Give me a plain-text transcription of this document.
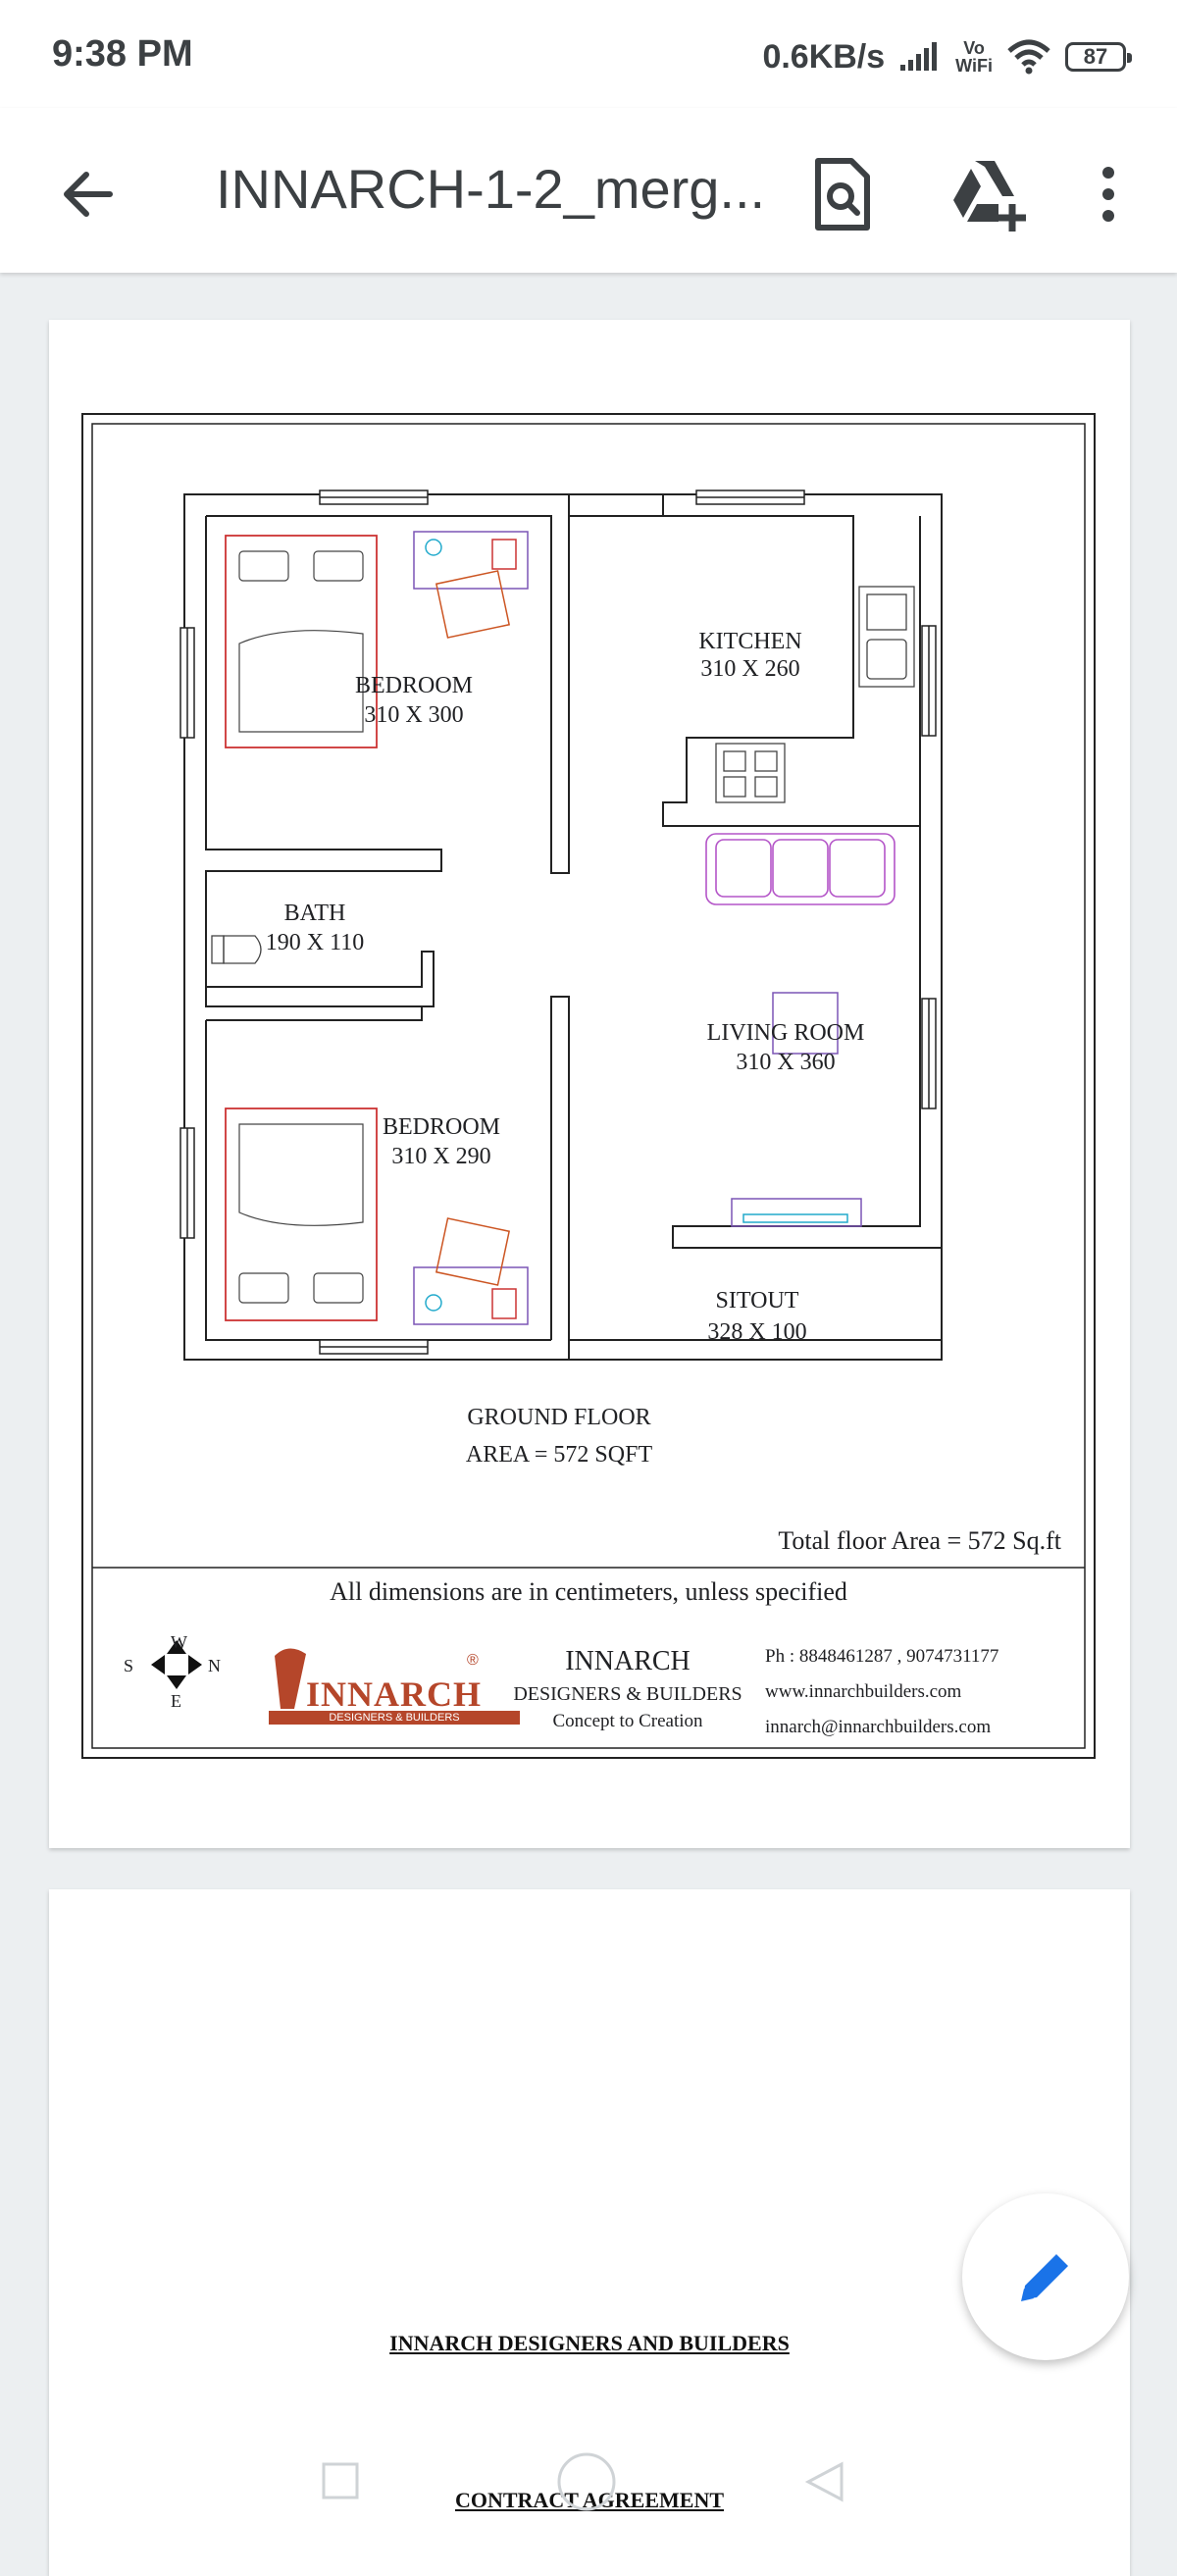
9:38 PM	0.6KB/s	Vo
WiFi	87
INNARCH-1-2_merg...
BEDROOM
310 X 300
KITCHEN
310 X 260
BATH
190 X 110
LIVING ROOM
310 X 360
BEDROOM
310 X 290
SITOUT
328 X 100
GROUND FLOOR
AREA = 572 SQFT
Total floor Area = 572 Sq.ft
All dimensions are in centimeters, unless specified
W
S	N
E	INNARCH
DESIGNERS & BUILDERS
®	INNARCH
DESIGNERS & BUILDERS
Concept to Creation
Ph : 8848461287 , 9074731177
www.innarchbuilders.com
innarch@innarchbuilders.com
INNARCH DESIGNERS AND BUILDERS
CONTRACT AGREEMENT
